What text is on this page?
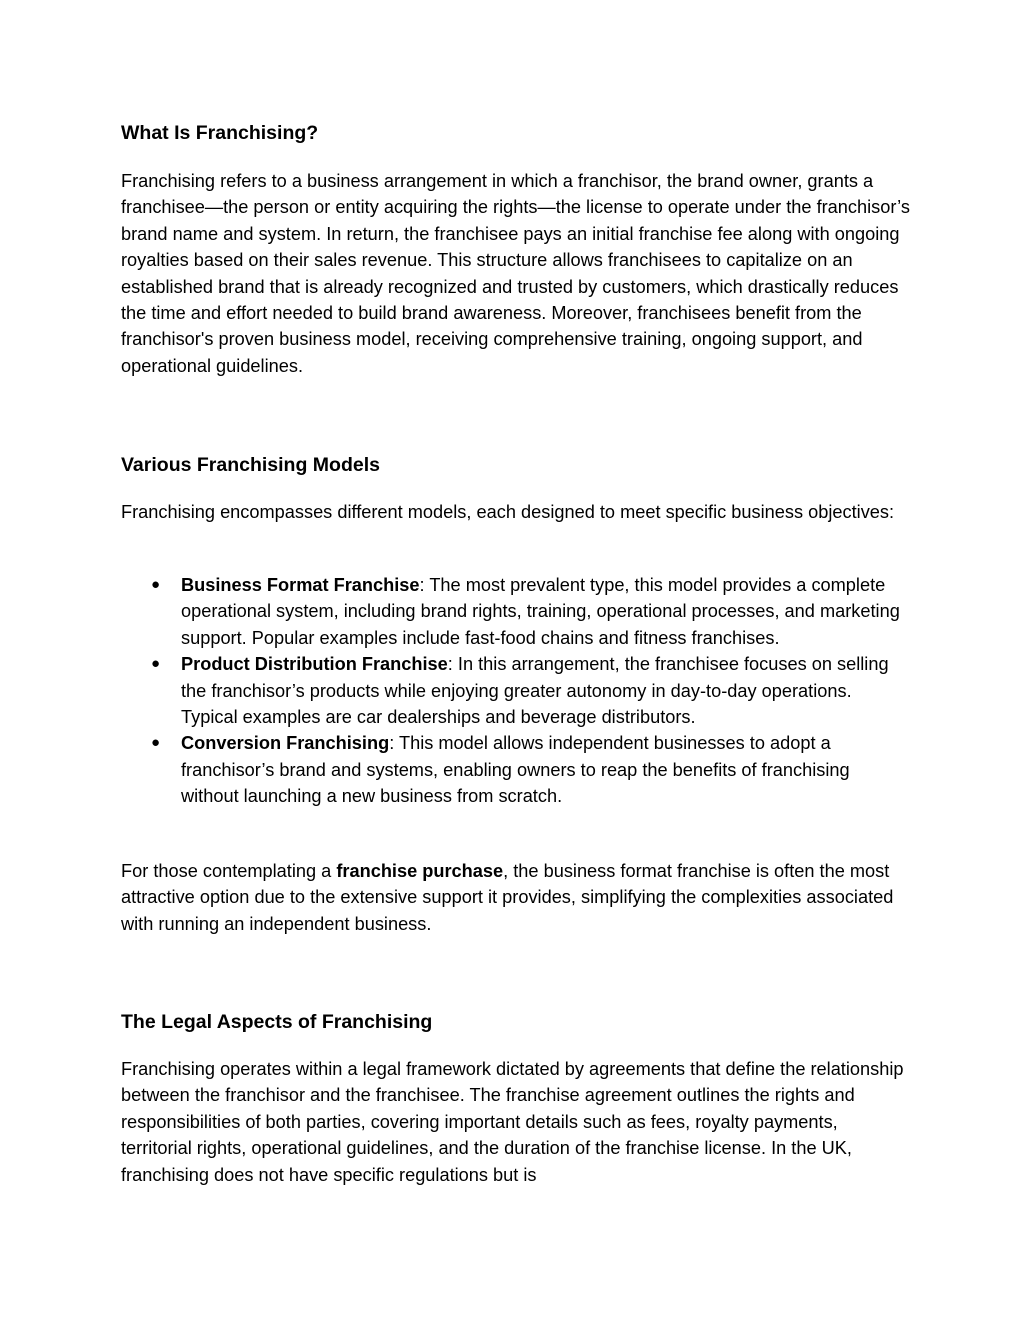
What Is Franchising?

Franchising refers to a business arrangement in which a franchisor, the brand owner, grants a franchisee—the person or entity acquiring the rights—the license to operate under the franchisor’s brand name and system. In return, the franchisee pays an initial franchise fee along with ongoing royalties based on their sales revenue. This structure allows franchisees to capitalize on an established brand that is already recognized and trusted by customers, which drastically reduces the time and effort needed to build brand awareness. Moreover, franchisees benefit from the franchisor's proven business model, receiving comprehensive training, ongoing support, and operational guidelines.

Various Franchising Models

Franchising encompasses different models, each designed to meet specific business objectives:

● Business Format Franchise: The most prevalent type, this model provides a complete operational system, including brand rights, training, operational processes, and marketing support. Popular examples include fast-food chains and fitness franchises.
● Product Distribution Franchise: In this arrangement, the franchisee focuses on selling the franchisor’s products while enjoying greater autonomy in day-to-day operations. Typical examples are car dealerships and beverage distributors.
● Conversion Franchising: This model allows independent businesses to adopt a franchisor’s brand and systems, enabling owners to reap the benefits of franchising without launching a new business from scratch.

For those contemplating a franchise purchase, the business format franchise is often the most attractive option due to the extensive support it provides, simplifying the complexities associated with running an independent business.

The Legal Aspects of Franchising

Franchising operates within a legal framework dictated by agreements that define the relationship between the franchisor and the franchisee. The franchise agreement outlines the rights and responsibilities of both parties, covering important details such as fees, royalty payments, territorial rights, operational guidelines, and the duration of the franchise license. In the UK, franchising does not have specific regulations but is
